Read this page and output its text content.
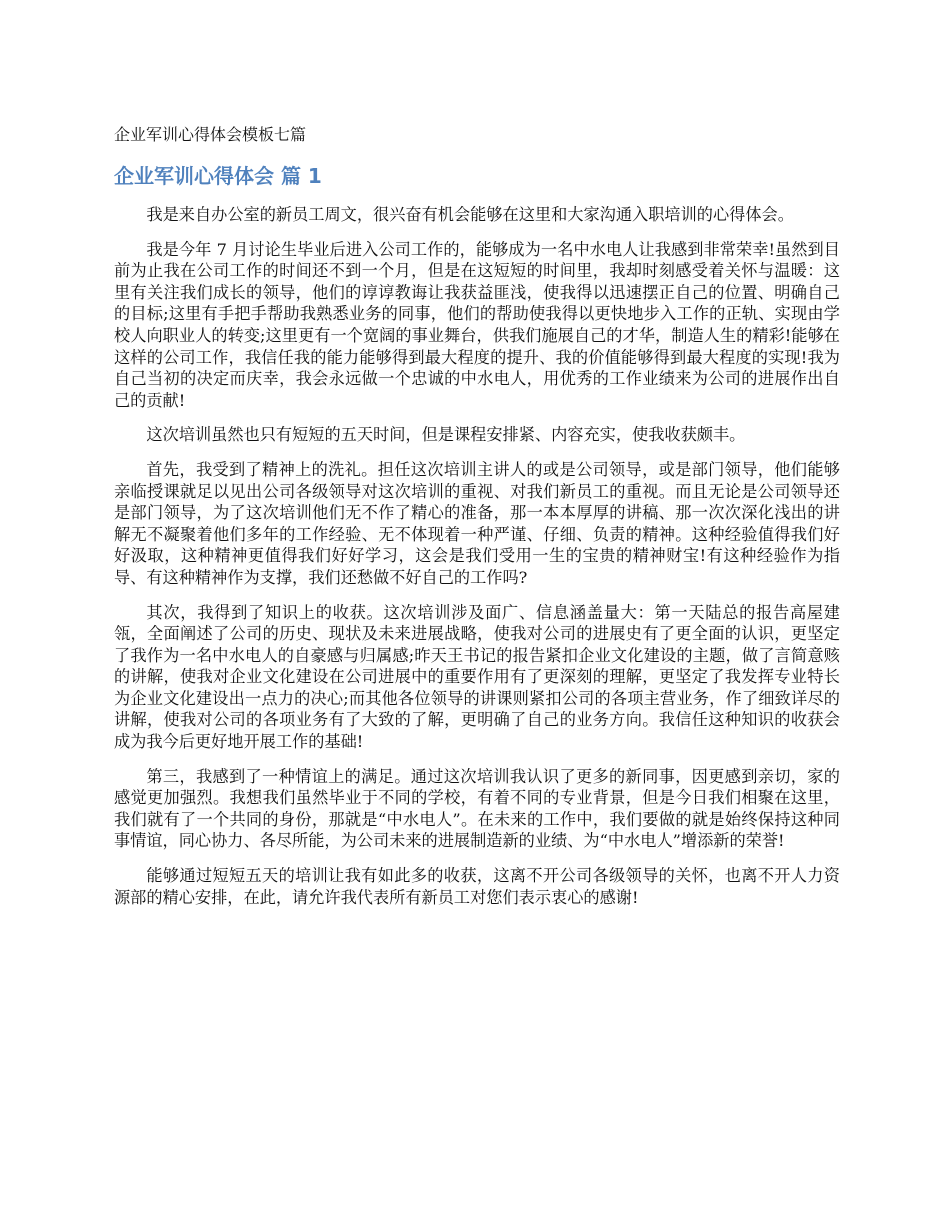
企业军训心得体会模板七篇
企业军训心得体会 篇 1

我是来自办公室的新员工周文，很兴奋有机会能够在这里和大家沟通入职培训的心得体会。

我是今年 7 月讨论生毕业后进入公司工作的，能够成为一名中水电人让我感到非常荣幸!虽然到目前为止我在公司工作的时间还不到一个月，但是在这短短的时间里，我却时刻感受着关怀与温暖：这里有关注我们成长的领导，他们的谆谆教诲让我获益匪浅，使我得以迅速摆正自己的位置、明确自己的目标;这里有手把手帮助我熟悉业务的同事，他们的帮助使我得以更快地步入工作的正轨、实现由学校人向职业人的转变;这里更有一个宽阔的事业舞台，供我们施展自己的才华，制造人生的精彩!能够在这样的公司工作，我信任我的能力能够得到最大程度的提升、我的价值能够得到最大程度的实现!我为自己当初的决定而庆幸，我会永远做一个忠诚的中水电人，用优秀的工作业绩来为公司的进展作出自己的贡献!

这次培训虽然也只有短短的五天时间，但是课程安排紧、内容充实，使我收获颇丰。

首先，我受到了精神上的洗礼。担任这次培训主讲人的或是公司领导，或是部门领导，他们能够亲临授课就足以见出公司各级领导对这次培训的重视、对我们新员工的重视。而且无论是公司领导还是部门领导，为了这次培训他们无不作了精心的准备，那一本本厚厚的讲稿、那一次次深化浅出的讲解无不凝聚着他们多年的工作经验、无不体现着一种严谨、仔细、负责的精神。这种经验值得我们好好汲取，这种精神更值得我们好好学习，这会是我们受用一生的宝贵的精神财宝!有这种经验作为指导、有这种精神作为支撑，我们还愁做不好自己的工作吗?

其次，我得到了知识上的收获。这次培训涉及面广、信息涵盖量大：第一天陆总的报告高屋建瓴，全面阐述了公司的历史、现状及未来进展战略，使我对公司的进展史有了更全面的认识，更坚定了我作为一名中水电人的自豪感与归属感;昨天王书记的报告紧扣企业文化建设的主题，做了言简意赅的讲解，使我对企业文化建设在公司进展中的重要作用有了更深刻的理解，更坚定了我发挥专业特长为企业文化建设出一点力的决心;而其他各位领导的讲课则紧扣公司的各项主营业务，作了细致详尽的讲解，使我对公司的各项业务有了大致的了解，更明确了自己的业务方向。我信任这种知识的收获会成为我今后更好地开展工作的基础!

第三，我感到了一种情谊上的满足。通过这次培训我认识了更多的新同事，因更感到亲切，家的感觉更加强烈。我想我们虽然毕业于不同的学校，有着不同的专业背景，但是今日我们相聚在这里，我们就有了一个共同的身份，那就是“中水电人”。在未来的工作中，我们要做的就是始终保持这种同事情谊，同心协力、各尽所能，为公司未来的进展制造新的业绩、为“中水电人”增添新的荣誉!

能够通过短短五天的培训让我有如此多的收获，这离不开公司各级领导的关怀，也离不开人力资源部的精心安排，在此，请允许我代表所有新员工对您们表示衷心的感谢!
